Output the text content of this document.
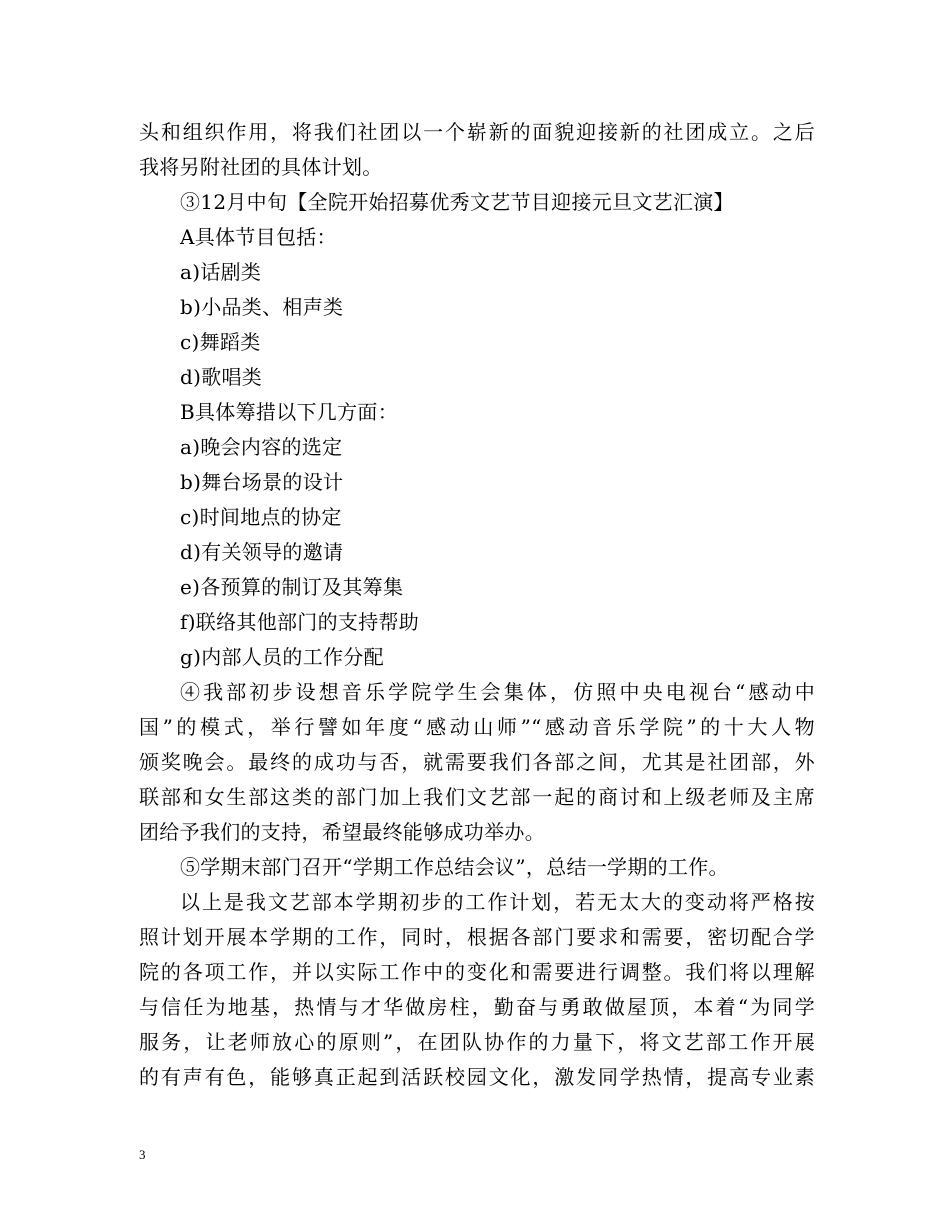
头和组织作用，将我们社团以一个崭新的面貌迎接新的社团成立。之后
我将另附社团的具体计划。
③12月中旬【全院开始招募优秀文艺节目迎接元旦文艺汇演】
A具体节目包括：
a)话剧类
b)小品类、相声类
c)舞蹈类
d)歌唱类
B具体筹措以下几方面：
a)晚会内容的选定
b)舞台场景的设计
c)时间地点的协定
d)有关领导的邀请
e)各预算的制订及其筹集
f)联络其他部门的支持帮助
g)内部人员的工作分配
④我部初步设想音乐学院学生会集体，仿照中央电视台“感动中
国”的模式，举行譬如年度“感动山师”“感动音乐学院”的十大人物
颁奖晚会。最终的成功与否，就需要我们各部之间，尤其是社团部，外
联部和女生部这类的部门加上我们文艺部一起的商讨和上级老师及主席
团给予我们的支持，希望最终能够成功举办。
⑤学期末部门召开“学期工作总结会议”，总结一学期的工作。
以上是我文艺部本学期初步的工作计划，若无太大的变动将严格按
照计划开展本学期的工作，同时，根据各部门要求和需要，密切配合学
院的各项工作，并以实际工作中的变化和需要进行调整。我们将以理解
与信任为地基，热情与才华做房柱，勤奋与勇敢做屋顶，本着“为同学
服务，让老师放心的原则”，在团队协作的力量下，将文艺部工作开展
的有声有色，能够真正起到活跃校园文化，激发同学热情，提高专业素
3
